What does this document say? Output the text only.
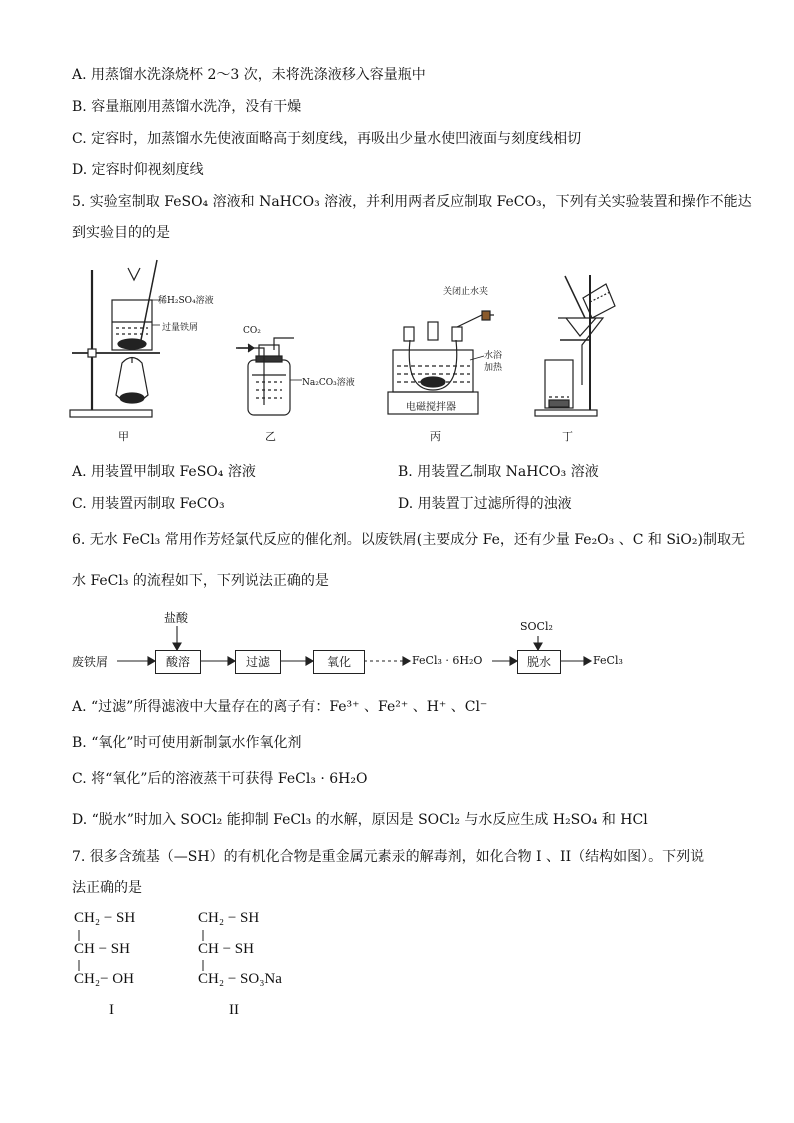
A. 用蒸馏水洗涤烧杯 2～3 次，未将洗涤液移入容量瓶中
B. 容量瓶刚用蒸馏水洗净，没有干燥
C. 定容时，加蒸馏水先使液面略高于刻度线，再吸出少量水使凹液面与刻度线相切
D. 定容时仰视刻度线
5. 实验室制取 FeSO₄ 溶液和 NaHCO₃ 溶液，并利用两者反应制取 FeCO₃，下列有关实验装置和操作不能达
到实验目的的是
稀H₂SO₄溶液
过量铁屑
甲
CO₂
Na₂CO₃溶液
乙
关闭止水夹
水浴
加热
电磁搅拌器
丙	丁
A. 用装置甲制取 FeSO₄ 溶液	B. 用装置乙制取 NaHCO₃ 溶液
C. 用装置丙制取 FeCO₃	D. 用装置丁过滤所得的浊液
6. 无水 FeCl₃ 常用作芳烃氯代反应的催化剂。以废铁屑(主要成分 Fe，还有少量 Fe₂O₃ 、C 和 SiO₂)制取无
水 FeCl₃ 的流程如下，下列说法正确的是
废铁屑
盐酸
酸溶	过滤	氧化	FeCl₃ · 6H₂O
SOCl₂
脱水	FeCl₃
A. “过滤”所得滤液中大量存在的离子有：Fe³⁺ 、Fe²⁺ 、H⁺ 、Cl⁻
B. “氧化”时可使用新制氯水作氧化剂
C. 将“氧化”后的溶液蒸干可获得 FeCl₃ · 6H₂O
D. “脱水”时加入 SOCl₂ 能抑制 FeCl₃ 的水解，原因是 SOCl₂ 与水反应生成 H₂SO₄ 和 HCl
7. 很多含巯基（—SH）的有机化合物是重金属元素汞的解毒剂，如化合物 I 、II（结构如图）。下列说
法正确的是
CH₂ − SH
CH − SH
CH₂− OH
I
CH₂ − SH
CH − SH
CH₂ − SO₃Na
II
